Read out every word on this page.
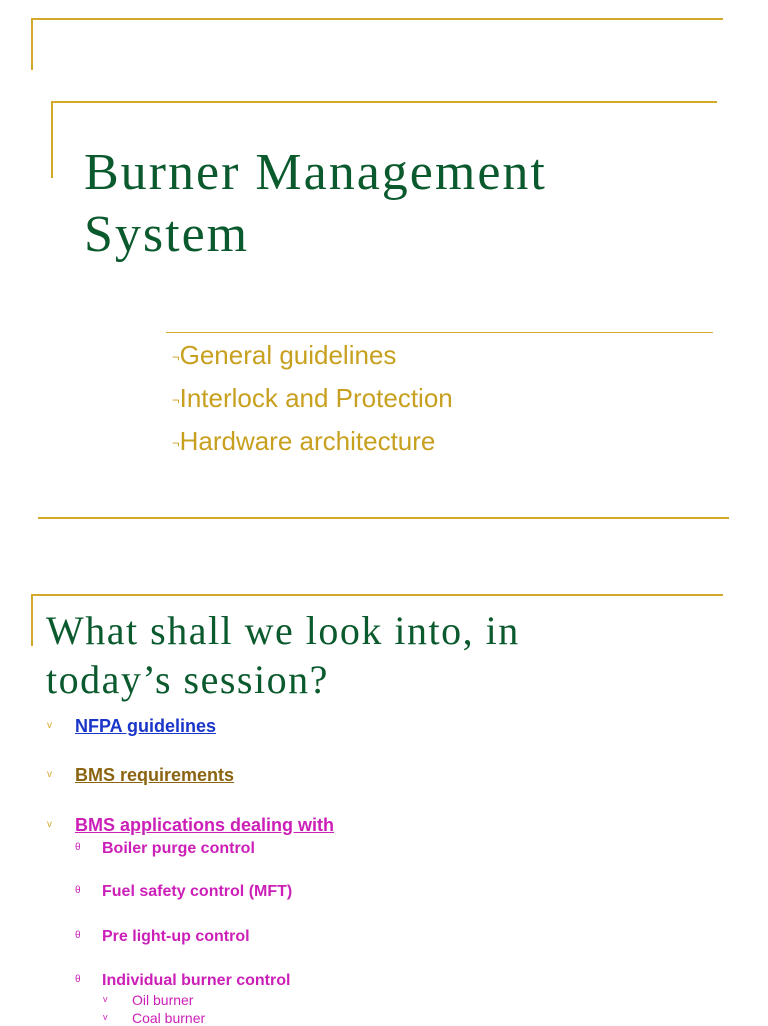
Burner Management
System
¬General guidelines
¬Interlock and Protection
¬Hardware architecture
What shall we look into, in
today’s session?
v NFPA guidelines
v BMS requirements
v BMS applications dealing with
θ Boiler purge control
θ Fuel safety control (MFT)
θ Pre light-up control
θ Individual burner control
v Oil burner
v Coal burner
